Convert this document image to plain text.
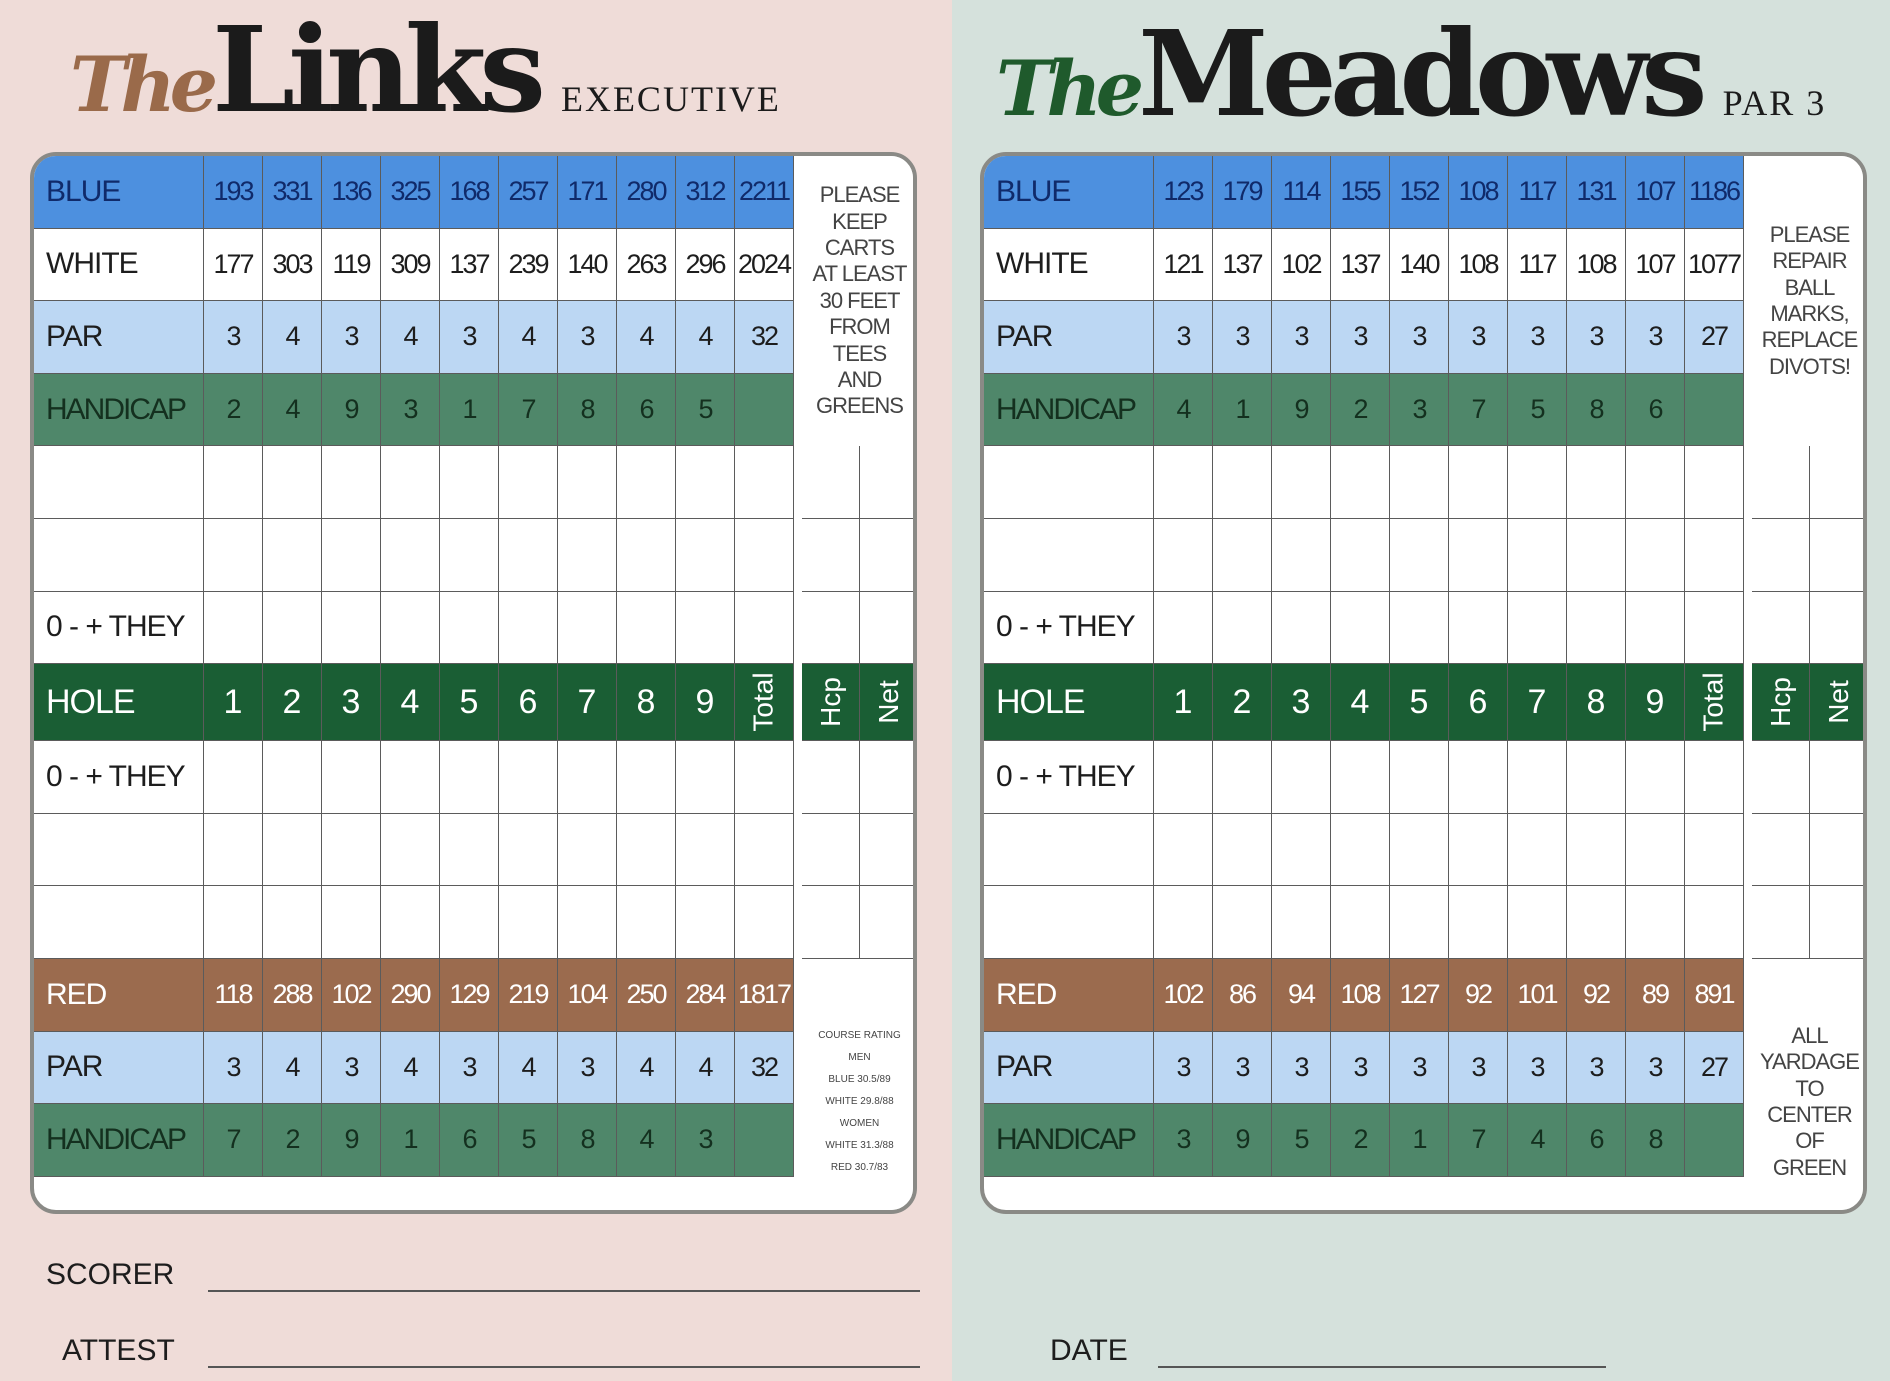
TheLinks EXECUTIVE
BLUE	193 331 136 325 168 257 171 280 312 2211
WHITE	177 303 119 309 137 239 140 263 296 2024
PAR	3	4	3	4	3	4	3	4	4	32
HANDICAP	2	4	9	3	1	7	8	6	5
0 - + THEY
HOLE	1	2	3	4	5	6	7	8	9	Total
0 - + THEY
RED	118 288 102 290 129 219 104 250 284 1817
PAR	3	4	3	4	3	4	3	4	4	32
HANDICAP	7	2	9	1	6	5	8	4	3
PLEASE
KEEP
CARTS
AT LEAST
30 FEET
FROM
TEES
AND
GREENS
COURSE RATING
MEN
BLUE 30.5/89
WHITE 29.8/88
WOMEN
WHITE 31.3/88
RED 30.7/83
Hcp Net
SCORER
ATTEST
TheMeadows PAR 3
BLUE	123 179 114 155 152 108 117 131 107 1186
WHITE	121 137 102 137 140 108 117 108 107 1077
PAR	3	3	3	3	3	3	3	3	3	27
HANDICAP	4	1	9	2	3	7	5	8	6
0 - + THEY
HOLE	1	2	3	4	5	6	7	8	9	Total
0 - + THEY
RED	102 86	94 108 127 92 101 92	89 891
PAR	3	3	3	3	3	3	3	3	3	27
HANDICAP	3	9	5	2	1	7	4	6	8
PLEASE
REPAIR
BALL
MARKS,
REPLACE
DIVOTS!
ALL
YARDAGE
TO
CENTER
OF
GREEN
Hcp Net
DATE
